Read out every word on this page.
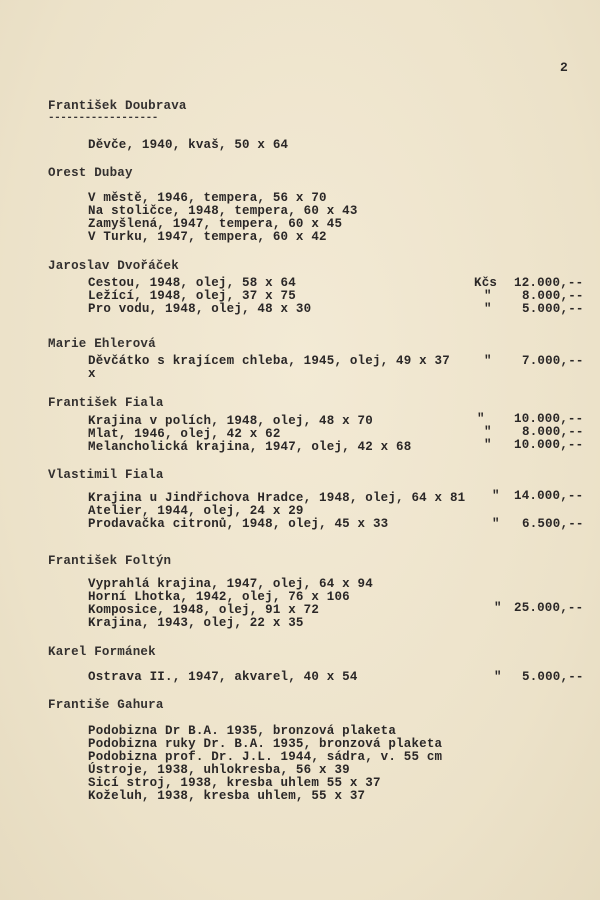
2
František Doubrava
------------------
Děvče, 1940, kvaš, 50 x 64
Orest Dubay
V městě, 1946, tempera, 56 x 70
Na stoličce, 1948, tempera, 60 x 43
Zamyšlená, 1947, tempera, 60 x 45
V Turku, 1947, tempera, 60 x 42
Jaroslav Dvořáček
Cestou, 1948, olej, 58 x 64
Ležící, 1948, olej, 37 x 75
Pro vodu, 1948, olej, 48 x 30
Kčs 12.000,--
" 8.000,--
" 5.000,--
Marie Ehlerová
Děvčátko s krajícem chleba, 1945, olej, 49 x 37
x
" 7.000,--
František Fiala
Krajina v polích, 1948, olej, 48 x 70
Mlat, 1946, olej, 42 x 62
Melancholická krajina, 1947, olej, 42 x 68
" 10.000,--
" 8.000,--
" 10.000,--
Vlastimil Fiala
Krajina u Jindřichova Hradce, 1948, olej, 64 x 81
Atelier, 1944, olej, 24 x 29
Prodavačka citronů, 1948, olej, 45 x 33
" 14.000,--
" 6.500,--
František Foltýn
Vyprahlá krajina, 1947, olej, 64 x 94
Horní Lhotka, 1942, olej, 76 x 106
Komposice, 1948, olej, 91 x 72
Krajina, 1943, olej, 22 x 35
" 25.000,--
Karel Formánek
Ostrava II., 1947, akvarel, 40 x 54	" 5.000,--
Františe Gahura
Podobizna Dr B.A. 1935, bronzová plaketa
Podobizna ruky Dr. B.A. 1935, bronzová plaketa
Podobizna prof. Dr. J.L. 1944, sádra, v. 55 cm
Ústroje, 1938, uhlokresba, 56 x 39
Sicí stroj, 1938, kresba uhlem 55 x 37
Koželuh, 1938, kresba uhlem, 55 x 37
